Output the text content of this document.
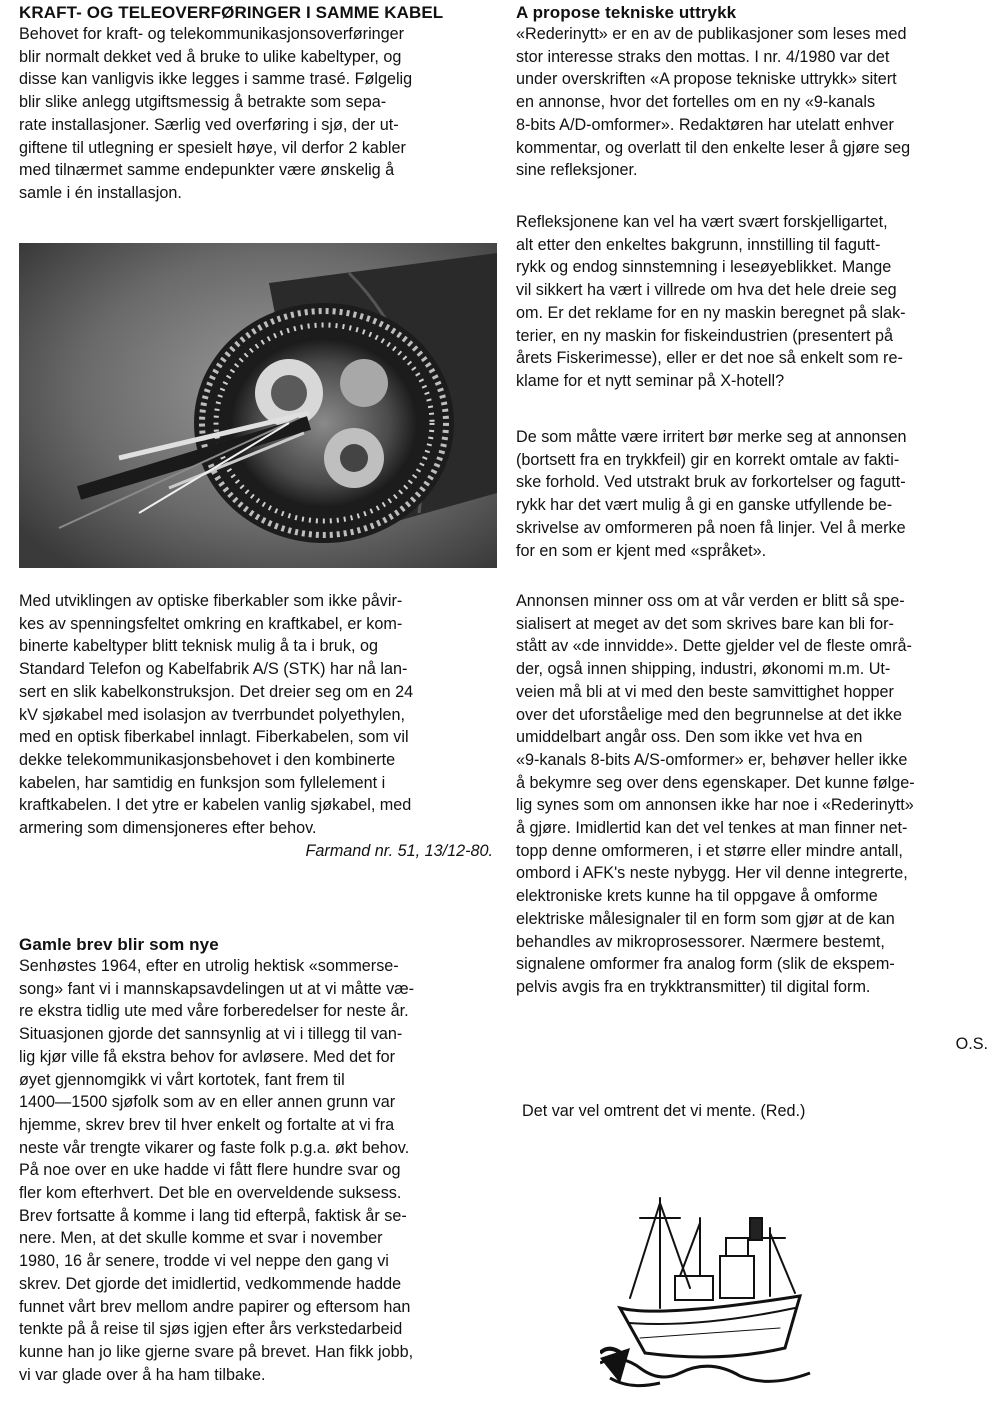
KRAFT- OG TELEOVERFØRINGER I SAMME KABEL

Behovet for kraft- og telekommunikasjonsoverføringer
blir normalt dekket ved å bruke to ulike kabeltyper, og
disse kan vanligvis ikke legges i samme trasé. Følgelig
blir slike anlegg utgiftsmessig å betrakte som sepa-
rate installasjoner. Særlig ved overføring i sjø, der ut-
giftene til utlegning er spesielt høye, vil derfor 2 kabler
med tilnærmet samme endepunkter være ønskelig å
samle i én installasjon.

Med utviklingen av optiske fiberkabler som ikke påvir-
kes av spenningsfeltet omkring en kraftkabel, er kom-
binerte kabeltyper blitt teknisk mulig å ta i bruk, og
Standard Telefon og Kabelfabrik A/S (STK) har nå lan-
sert en slik kabelkonstruksjon. Det dreier seg om en 24
kV sjøkabel med isolasjon av tverrbundet polyethylen,
med en optisk fiberkabel innlagt. Fiberkabelen, som vil
dekke telekommunikasjonsbehovet i den kombinerte
kabelen, har samtidig en funksjon som fyllelement i
kraftkabelen. I det ytre er kabelen vanlig sjøkabel, med
armering som dimensjoneres efter behov.

Farmand nr. 51, 13/12-80.

Gamle brev blir som nye

Senhøstes 1964, efter en utrolig hektisk «sommerse-
song» fant vi i mannskapsavdelingen ut at vi måtte væ-
re ekstra tidlig ute med våre forberedelser for neste år.
Situasjonen gjorde det sannsynlig at vi i tillegg til van-
lig kjør ville få ekstra behov for avløsere. Med det for
øyet gjennomgikk vi vårt kortotek, fant frem til
1400—1500 sjøfolk som av en eller annen grunn var
hjemme, skrev brev til hver enkelt og fortalte at vi fra
neste vår trengte vikarer og faste folk p.g.a. økt behov.
På noe over en uke hadde vi fått flere hundre svar og
fler kom efterhvert. Det ble en overveldende suksess.
Brev fortsatte å komme i lang tid efterpå, faktisk år se-
nere. Men, at det skulle komme et svar i november
1980, 16 år senere, trodde vi vel neppe den gang vi
skrev. Det gjorde det imidlertid, vedkommende hadde
funnet vårt brev mellom andre papirer og eftersom han
tenkte på å reise til sjøs igjen efter års verkstedarbeid
kunne han jo like gjerne svare på brevet. Han fikk jobb,
vi var glade over å ha ham tilbake.

A propose tekniske uttrykk

«Rederinytt» er en av de publikasjoner som leses med
stor interesse straks den mottas. I nr. 4/1980 var det
under overskriften «A propose tekniske uttrykk» sitert
en annonse, hvor det fortelles om en ny «9-kanals
8-bits A/D-omformer». Redaktøren har utelatt enhver
kommentar, og overlatt til den enkelte leser å gjøre seg
sine refleksjoner.

Refleksjonene kan vel ha vært svært forskjelligartet,
alt etter den enkeltes bakgrunn, innstilling til fagutt-
rykk og endog sinnstemning i leseøyeblikket. Mange
vil sikkert ha vært i villrede om hva det hele dreie seg
om. Er det reklame for en ny maskin beregnet på slak-
terier, en ny maskin for fiskeindustrien (presentert på
årets Fiskerimesse), eller er det noe så enkelt som re-
klame for et nytt seminar på X-hotell?

De som måtte være irritert bør merke seg at annonsen
(bortsett fra en trykkfeil) gir en korrekt omtale av fakti-
ske forhold. Ved utstrakt bruk av forkortelser og fagutt-
rykk har det vært mulig å gi en ganske utfyllende be-
skrivelse av omformeren på noen få linjer. Vel å merke
for en som er kjent med «språket».

Annonsen minner oss om at vår verden er blitt så spe-
sialisert at meget av det som skrives bare kan bli for-
stått av «de innvidde». Dette gjelder vel de fleste områ-
der, også innen shipping, industri, økonomi m.m. Ut-
veien må bli at vi med den beste samvittighet hopper
over det uforståelige med den begrunnelse at det ikke
umiddelbart angår oss. Den som ikke vet hva en
«9-kanals 8-bits A/S-omformer» er, behøver heller ikke
å bekymre seg over dens egenskaper. Det kunne følge-
lig synes som om annonsen ikke har noe i «Rederinytt»
å gjøre. Imidlertid kan det vel tenkes at man finner net-
topp denne omformeren, i et større eller mindre antall,
ombord i AFK's neste nybygg. Her vil denne integrerte,
elektroniske krets kunne ha til oppgave å omforme
elektriske målesignaler til en form som gjør at de kan
behandles av mikroprosessorer. Nærmere bestemt,
signalene omformer fra analog form (slik de ekspem-
pelvis avgis fra en trykktransmitter) til digital form.

O.S.

Det var vel omtrent det vi mente. (Red.)
